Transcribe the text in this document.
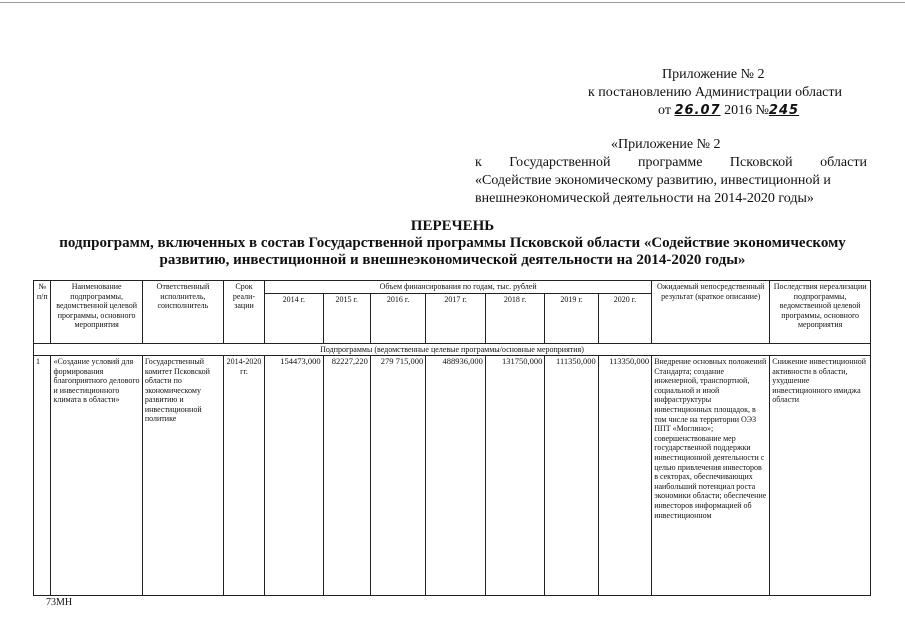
Приложение № 2
к постановлению Администрации области
от 26.07 2016 №245
«Приложение № 2
к Государственной программе Псковской области
«Содействие экономическому развитию, инвестиционной и
внешнеэкономической деятельности на 2014-2020 годы»
ПЕРЕЧЕНЬ
подпрограмм, включенных в состав Государственной программы Псковской области «Содействие экономическому развитию, инвестиционной и внешнеэкономической деятельности на 2014-2020 годы»
№ п/п	Наименование подпрограммы, ведомственной целевой программы, основного мероприятия	Ответственный исполнитель, соисполнитель	Срок реали-зации	Объем финансирования по годам, тыс. рублей							Ожидаемый непосредственный результат (краткое описание)	Последствия нереализации подпрограммы, ведомственной целевой программы, основного мероприятия
				2014 г.	2015 г.	2016 г.	2017 г.	2018 г.	2019 г.	2020 г.		
Подпрограммы (ведомственные целевые программы/основные мероприятия)												
1	«Создание условий для формирования благоприятного делового и инвестиционного климата в области»	Государственный комитет Псковской области по экономическому развитию и инвестиционной политике	2014-2020 гг.	154473,000	82227,220	279 715,000	488936,000	131750,000	111350,000	113350,000	Внедрение основных положений Стандарта; создание инженерной, транспортной, социальной и иной инфраструктуры инвестиционных площадок, в том числе на территории ОЭЗ ППТ «Моглино»; совершенствование мер государственной поддержки инвестиционной деятельности с целью привлечения инвесторов в секторах, обеспечивающих наибольший потенциал роста экономики области; обеспечение инвесторов информацией об инвестиционном	Снижение инвестиционной активности в области, ухудшение инвестиционного имиджа области
73МН
